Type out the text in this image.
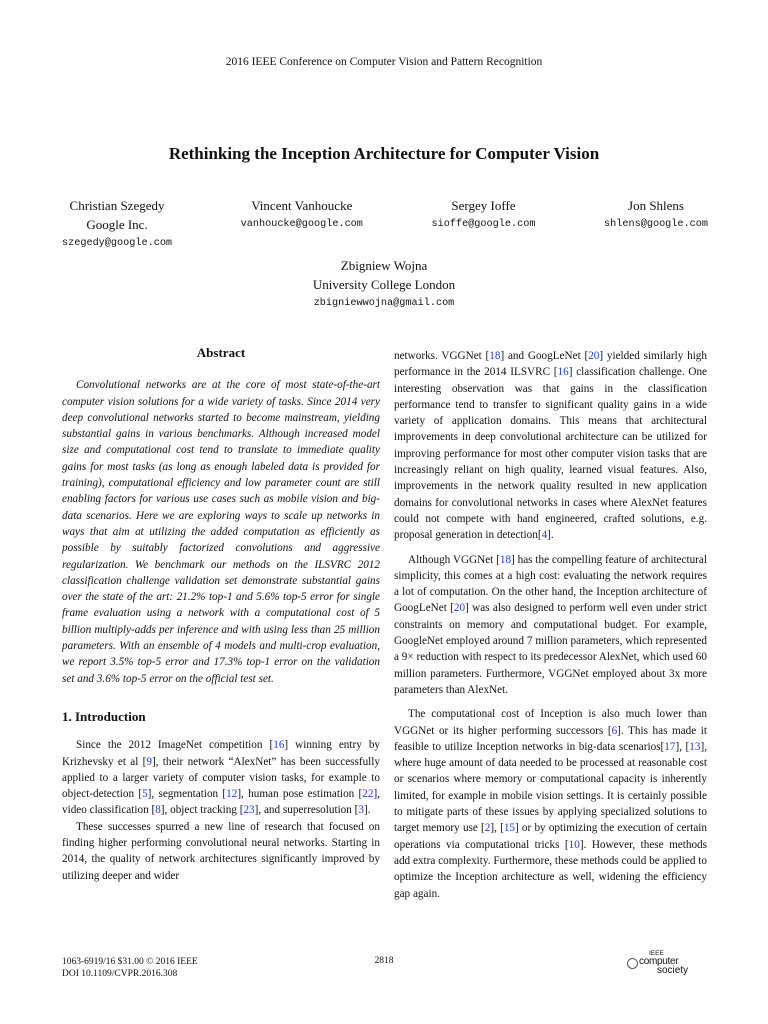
2016 IEEE Conference on Computer Vision and Pattern Recognition
Rethinking the Inception Architecture for Computer Vision
Christian Szegedy
Google Inc.
szegedy@google.com
Vincent Vanhoucke
vanhoucke@google.com
Sergey Ioffe
sioffe@google.com
Jon Shlens
shlens@google.com
Zbigniew Wojna
University College London
zbigniewwojna@gmail.com
Abstract

Convolutional networks are at the core of most state-of-the-art computer vision solutions for a wide variety of tasks. Since 2014 very deep convolutional networks started to become mainstream, yielding substantial gains in various benchmarks. Although increased model size and computational cost tend to translate to immediate quality gains for most tasks (as long as enough labeled data is provided for training), computational efficiency and low parameter count are still enabling factors for various use cases such as mobile vision and big-data scenarios. Here we are exploring ways to scale up networks in ways that aim at utilizing the added computation as efficiently as possible by suitably factorized convolutions and aggressive regularization. We benchmark our methods on the ILSVRC 2012 classification challenge validation set demonstrate substantial gains over the state of the art: 21.2% top-1 and 5.6% top-5 error for single frame evaluation using a network with a computational cost of 5 billion multiply-adds per inference and with using less than 25 million parameters. With an ensemble of 4 models and multi-crop evaluation, we report 3.5% top-5 error and 17.3% top-1 error on the validation set and 3.6% top-5 error on the official test set.

1. Introduction

Since the 2012 ImageNet competition [16] winning entry by Krizhevsky et al [9], their network “AlexNet” has been successfully applied to a larger variety of computer vision tasks, for example to object-detection [5], segmentation [12], human pose estimation [22], video classification [8], object tracking [23], and superresolution [3].

These successes spurred a new line of research that focused on finding higher performing convolutional neural networks. Starting in 2014, the quality of network architectures significantly improved by utilizing deeper and wider

networks. VGGNet [18] and GoogLeNet [20] yielded similarly high performance in the 2014 ILSVRC [16] classification challenge. One interesting observation was that gains in the classification performance tend to transfer to significant quality gains in a wide variety of application domains. This means that architectural improvements in deep convolutional architecture can be utilized for improving performance for most other computer vision tasks that are increasingly reliant on high quality, learned visual features. Also, improvements in the network quality resulted in new application domains for convolutional networks in cases where AlexNet features could not compete with hand engineered, crafted solutions, e.g. proposal generation in detection[4].

Although VGGNet [18] has the compelling feature of architectural simplicity, this comes at a high cost: evaluating the network requires a lot of computation. On the other hand, the Inception architecture of GoogLeNet [20] was also designed to perform well even under strict constraints on memory and computational budget. For example, GoogleNet employed around 7 million parameters, which represented a 9× reduction with respect to its predecessor AlexNet, which used 60 million parameters. Furthermore, VGGNet employed about 3x more parameters than AlexNet.

The computational cost of Inception is also much lower than VGGNet or its higher performing successors [6]. This has made it feasible to utilize Inception networks in big-data scenarios[17], [13], where huge amount of data needed to be processed at reasonable cost or scenarios where memory or computational capacity is inherently limited, for example in mobile vision settings. It is certainly possible to mitigate parts of these issues by applying specialized solutions to target memory use [2], [15] or by optimizing the execution of certain operations via computational tricks [10]. However, these methods add extra complexity. Furthermore, these methods could be applied to optimize the Inception architecture as well, widening the efficiency gap again.

1063-6919/16 $31.00 © 2016 IEEE
DOI 10.1109/CVPR.2016.308
2818
IEEE
computer
society
